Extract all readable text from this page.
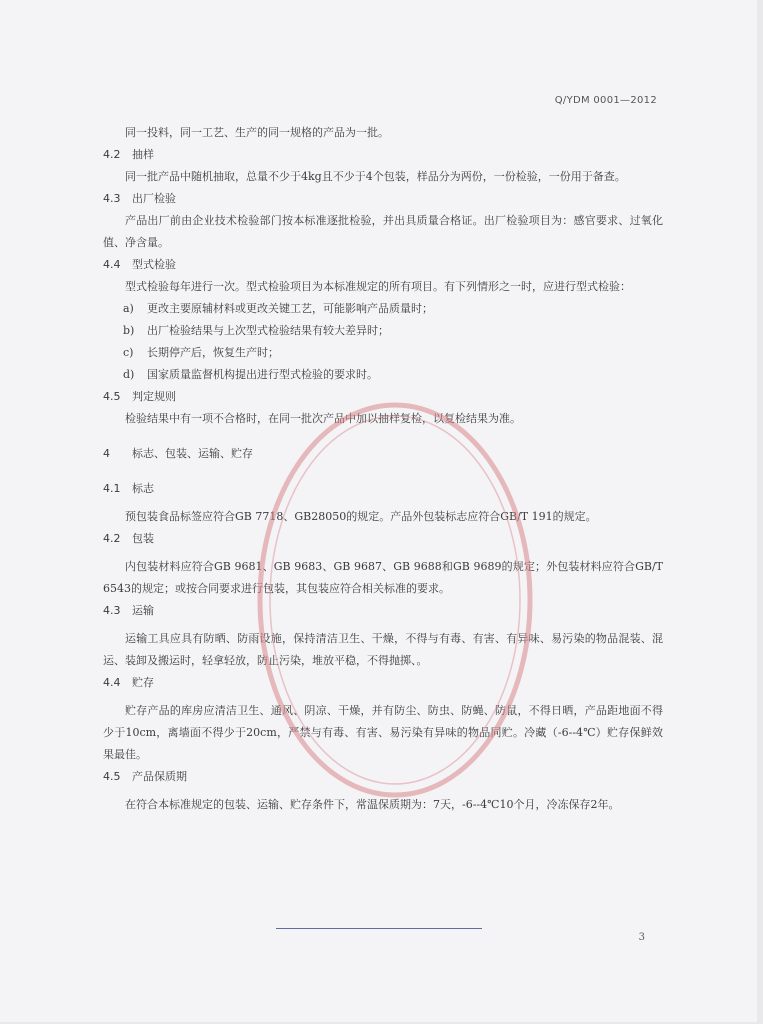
Q/YDM 0001—2012

同一投料，同一工艺、生产的同一规格的产品为一批。

4.2 抽样

同一批产品中随机抽取，总量不少于4kg且不少于4个包装，样品分为两份，一份检验，一份用于备查。

4.3 出厂检验

产品出厂前由企业技术检验部门按本标准逐批检验，并出具质量合格证。出厂检验项目为：感官要求、过氧化值、净含量。

4.4 型式检验

型式检验每年进行一次。型式检验项目为本标准规定的所有项目。有下列情形之一时，应进行型式检验：

a) 更改主要原辅材料或更改关键工艺，可能影响产品质量时；
b) 出厂检验结果与上次型式检验结果有较大差异时；
c) 长期停产后，恢复生产时；
d) 国家质量监督机构提出进行型式检验的要求时。
4.5 判定规则

检验结果中有一项不合格时，在同一批次产品中加以抽样复检，以复检结果为准。

4 标志、包装、运输、贮存
4.1 标志

预包装食品标签应符合GB 7718、GB28050的规定。产品外包装标志应符合GB/T 191的规定。

4.2 包装

内包装材料应符合GB 9681、GB 9683、GB 9687、GB 9688和GB 9689的规定；外包装材料应符合GB/T 6543的规定；或按合同要求进行包装，其包装应符合相关标准的要求。

4.3 运输

运输工具应具有防晒、防雨设施，保持清洁卫生、干燥，不得与有毒、有害、有异味、易污染的物品混装、混运、装卸及搬运时，轻拿轻放，防止污染，堆放平稳，不得抛掷、。

4.4 贮存

贮存产品的库房应清洁卫生、通风、阴凉、干燥，并有防尘、防虫、防蝇、防鼠，不得日晒，产品距地面不得少于10cm，离墙面不得少于20cm，严禁与有毒、有害、易污染有异味的物品同贮。冷藏（-6--4℃）贮存保鲜效果最佳。

4.5 产品保质期

在符合本标准规定的包装、运输、贮存条件下，常温保质期为：7天，-6--4℃10个月，冷冻保存2年。

3
